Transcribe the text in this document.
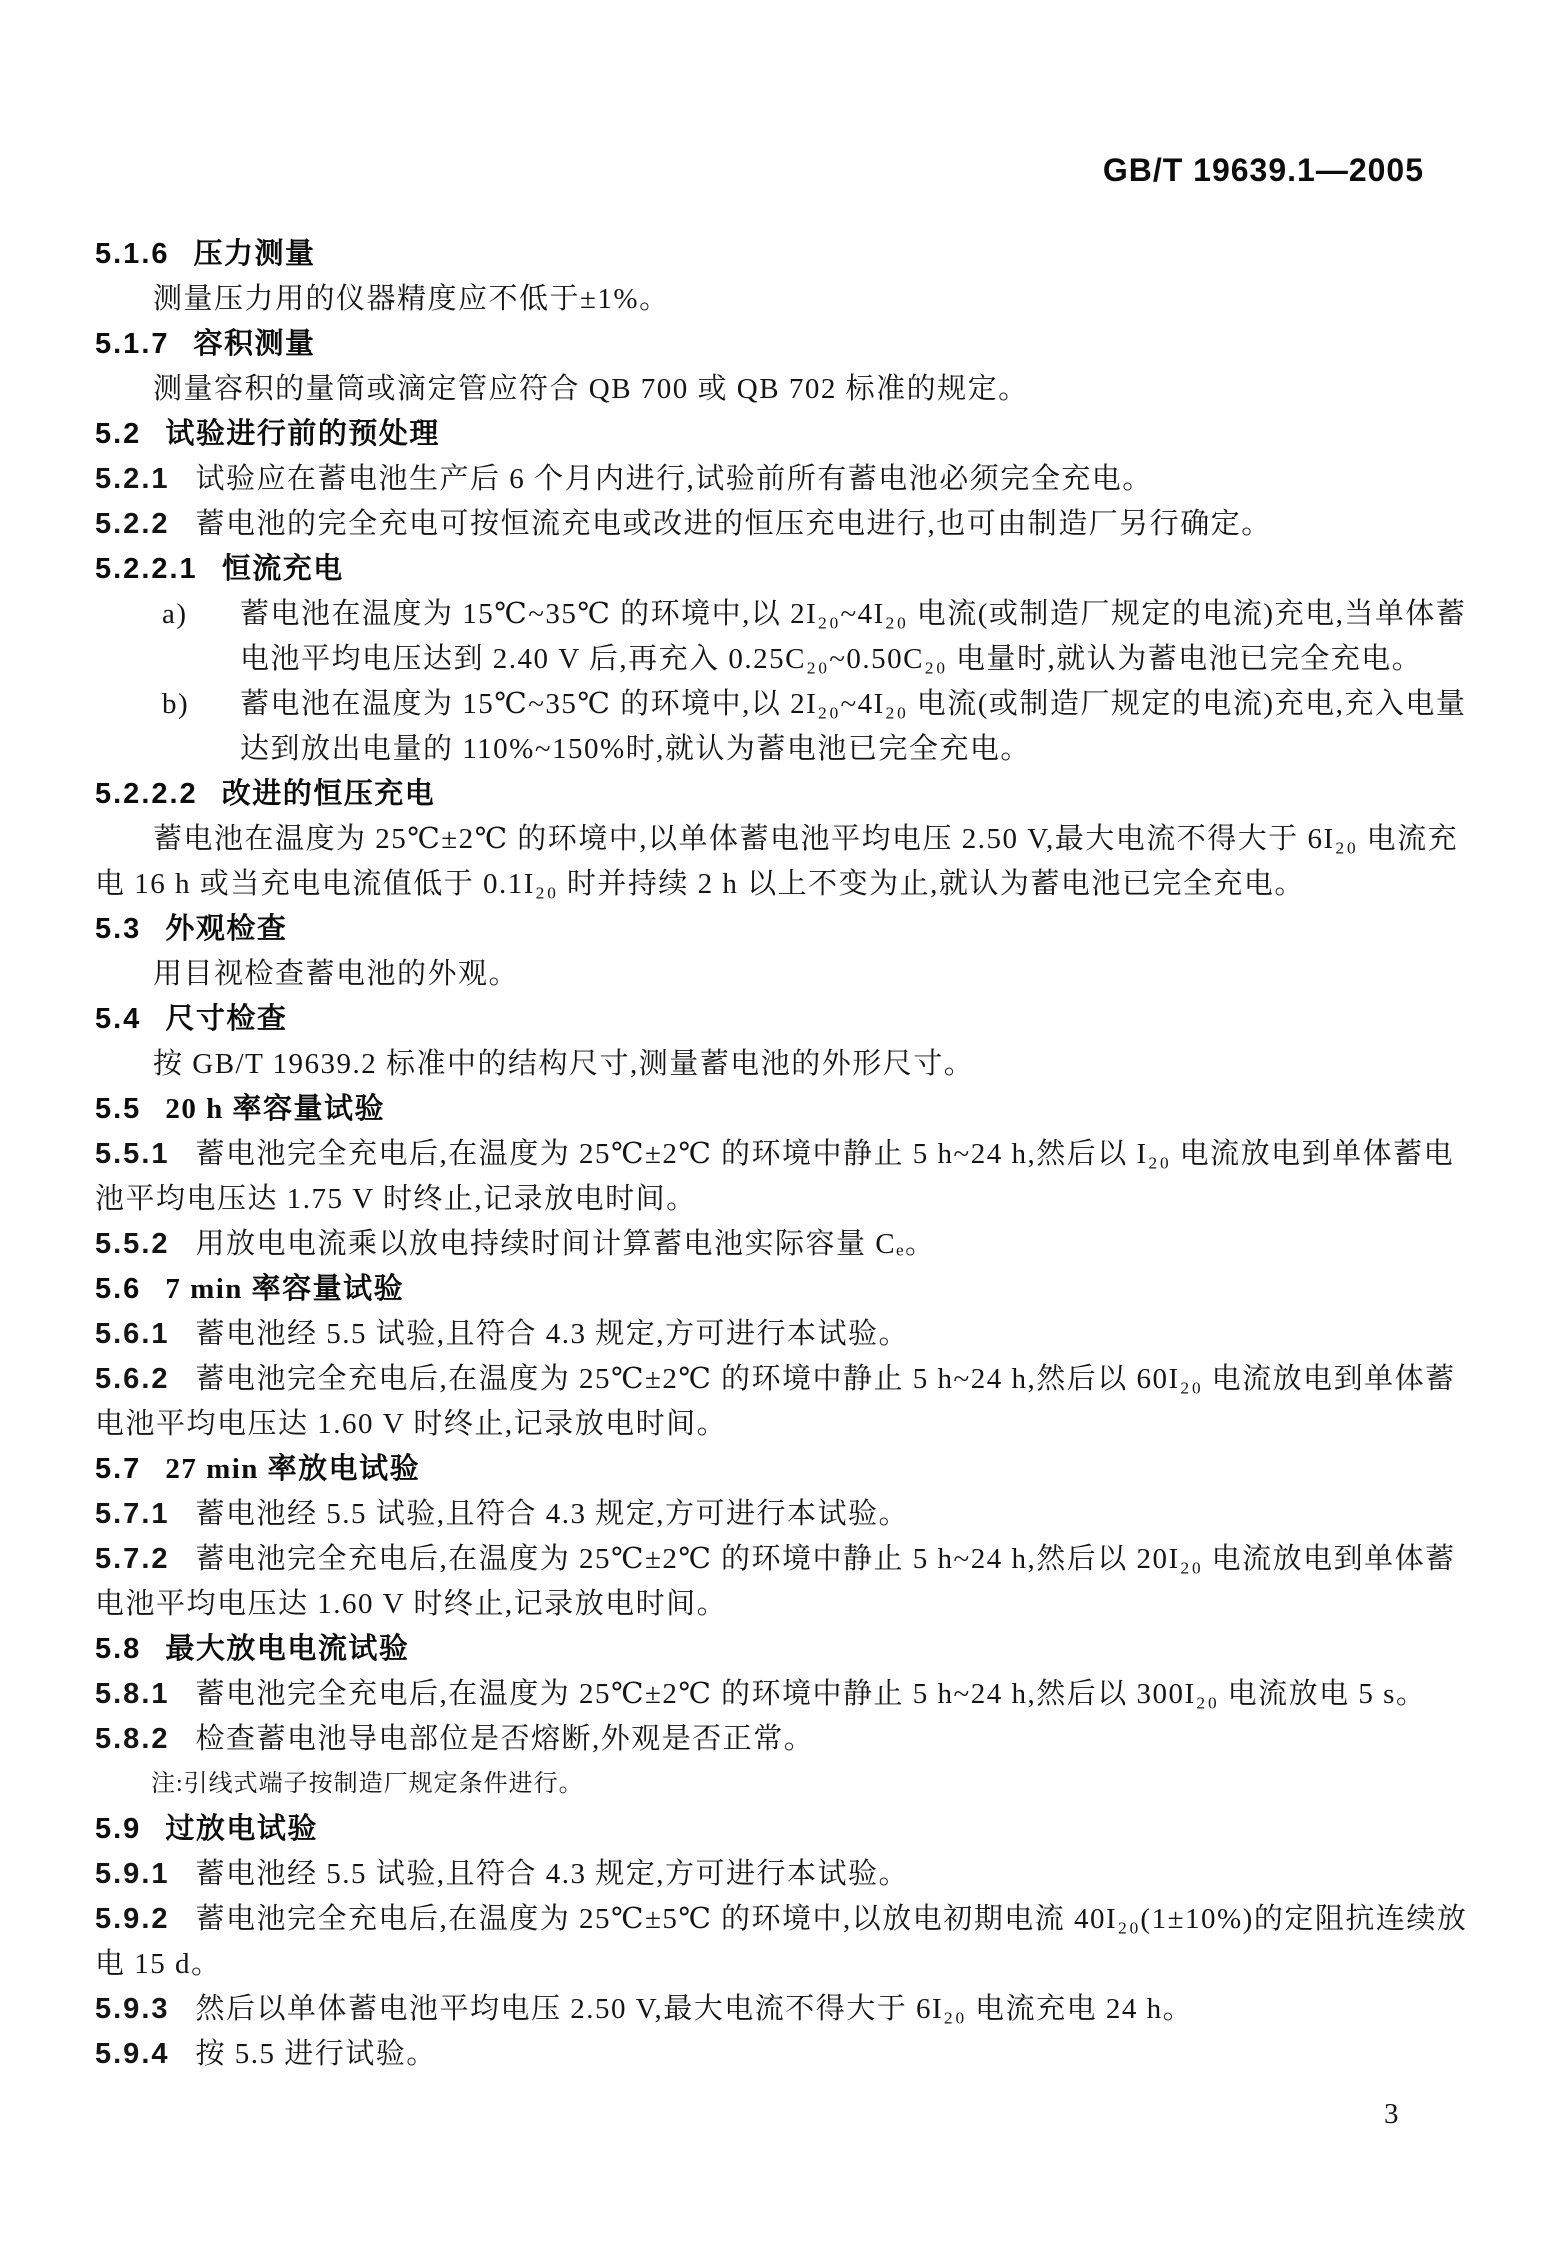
GB/T 19639.1—2005
5.1.6 压力测量
测量压力用的仪器精度应不低于±1%。
5.1.7 容积测量
测量容积的量筒或滴定管应符合 QB 700 或 QB 702 标准的规定。
5.2 试验进行前的预处理
5.2.1 试验应在蓄电池生产后 6 个月内进行,试验前所有蓄电池必须完全充电。
5.2.2 蓄电池的完全充电可按恒流充电或改进的恒压充电进行,也可由制造厂另行确定。
5.2.2.1 恒流充电
a) 蓄电池在温度为 15℃~35℃ 的环境中,以 2I₂₀~4I₂₀ 电流(或制造厂规定的电流)充电,当单体蓄电池平均电压达到 2.40 V 后,再充入 0.25C₂₀~0.50C₂₀ 电量时,就认为蓄电池已完全充电。
b) 蓄电池在温度为 15℃~35℃ 的环境中,以 2I₂₀~4I₂₀ 电流(或制造厂规定的电流)充电,充入电量达到放出电量的 110%~150%时,就认为蓄电池已完全充电。
5.2.2.2 改进的恒压充电
蓄电池在温度为 25℃±2℃ 的环境中,以单体蓄电池平均电压 2.50 V,最大电流不得大于 6I₂₀ 电流充电 16 h 或当充电电流值低于 0.1I₂₀ 时并持续 2 h 以上不变为止,就认为蓄电池已完全充电。
5.3 外观检查
用目视检查蓄电池的外观。
5.4 尺寸检查
按 GB/T 19639.2 标准中的结构尺寸,测量蓄电池的外形尺寸。
5.5 20 h 率容量试验
5.5.1 蓄电池完全充电后,在温度为 25℃±2℃ 的环境中静止 5 h~24 h,然后以 I₂₀ 电流放电到单体蓄电池平均电压达 1.75 V 时终止,记录放电时间。
5.5.2 用放电电流乘以放电持续时间计算蓄电池实际容量 Cₑ。
5.6 7 min 率容量试验
5.6.1 蓄电池经 5.5 试验,且符合 4.3 规定,方可进行本试验。
5.6.2 蓄电池完全充电后,在温度为 25℃±2℃ 的环境中静止 5 h~24 h,然后以 60I₂₀ 电流放电到单体蓄电池平均电压达 1.60 V 时终止,记录放电时间。
5.7 27 min 率放电试验
5.7.1 蓄电池经 5.5 试验,且符合 4.3 规定,方可进行本试验。
5.7.2 蓄电池完全充电后,在温度为 25℃±2℃ 的环境中静止 5 h~24 h,然后以 20I₂₀ 电流放电到单体蓄电池平均电压达 1.60 V 时终止,记录放电时间。
5.8 最大放电电流试验
5.8.1 蓄电池完全充电后,在温度为 25℃±2℃ 的环境中静止 5 h~24 h,然后以 300I₂₀ 电流放电 5 s。
5.8.2 检查蓄电池导电部位是否熔断,外观是否正常。
注:引线式端子按制造厂规定条件进行。
5.9 过放电试验
5.9.1 蓄电池经 5.5 试验,且符合 4.3 规定,方可进行本试验。
5.9.2 蓄电池完全充电后,在温度为 25℃±5℃ 的环境中,以放电初期电流 40I₂₀(1±10%)的定阻抗连续放电 15 d。
5.9.3 然后以单体蓄电池平均电压 2.50 V,最大电流不得大于 6I₂₀ 电流充电 24 h。
5.9.4 按 5.5 进行试验。
3
